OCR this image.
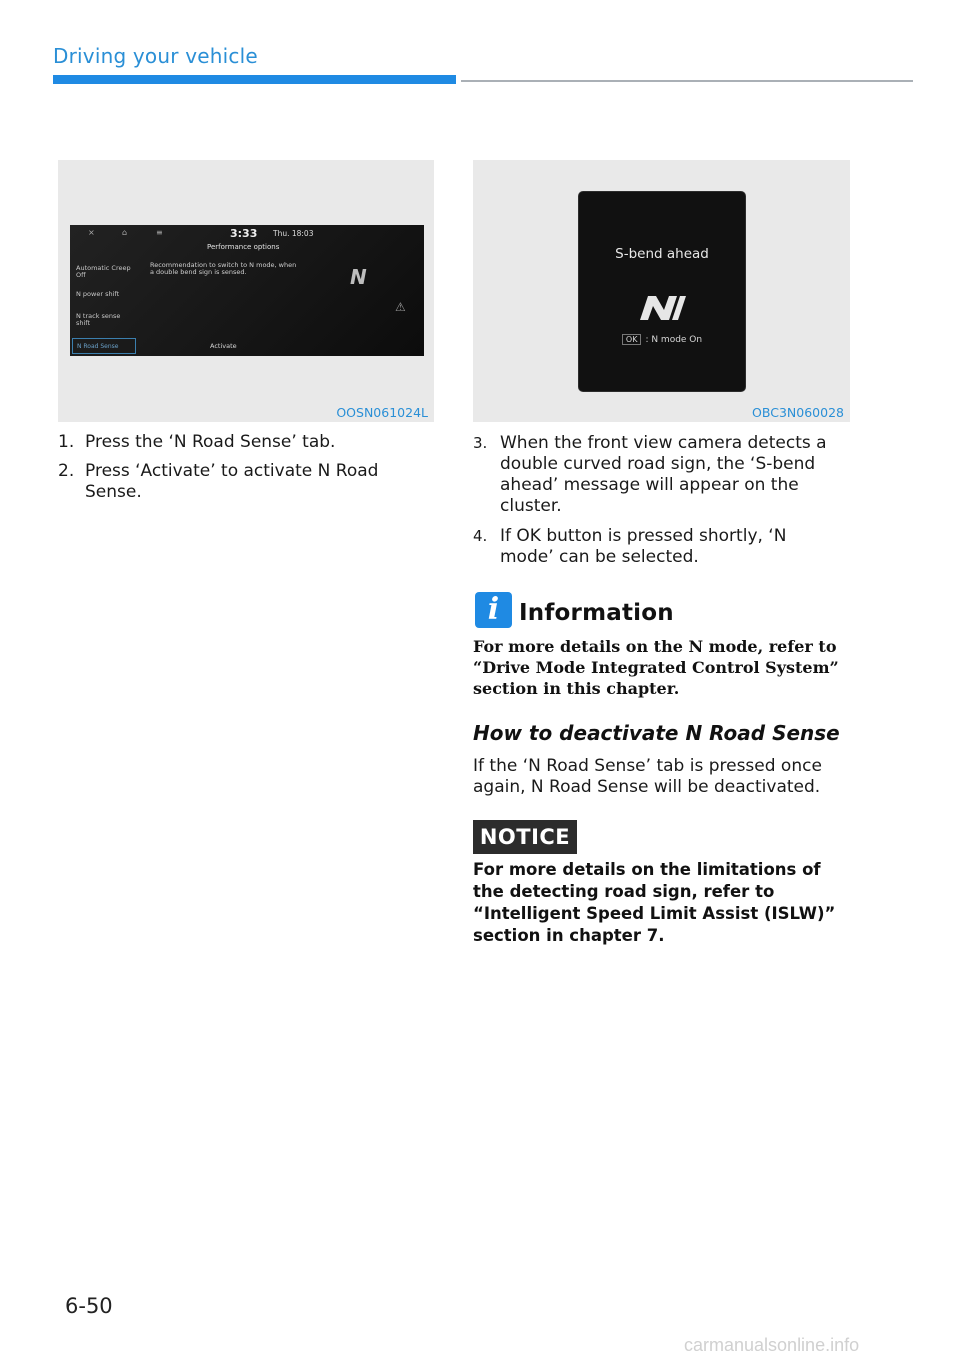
Driving your vehicle
×	⌂	≡	3:33 Thu. 18:03
Performance options
Automatic Creep Off
N power shift
N track sense shift
N Road Sense
Recommendation to switch to N mode, when a double bend sign is sensed.
Activate
N
⚠
OOSN061024L
S-bend ahead
OK : N mode On
OBC3N060028
1. Press the ‘N Road Sense’ tab.
2. Press ‘Activate’ to activate N Road Sense.
3. When the front view camera detects a double curved road sign, the ‘S-bend ahead’ message will appear on the cluster.
4. If OK button is pressed shortly, ‘N mode’ can be selected.
i Information
For more details on the N mode, refer to “Drive Mode Integrated Control System” section in this chapter.
How to deactivate N Road Sense
If the ‘N Road Sense’ tab is pressed once again, N Road Sense will be deactivated.
NOTICE
For more details on the limitations of the detecting road sign, refer to “Intelligent Speed Limit Assist (ISLW)” section in chapter 7.
6-50
carmanualsonline.info
